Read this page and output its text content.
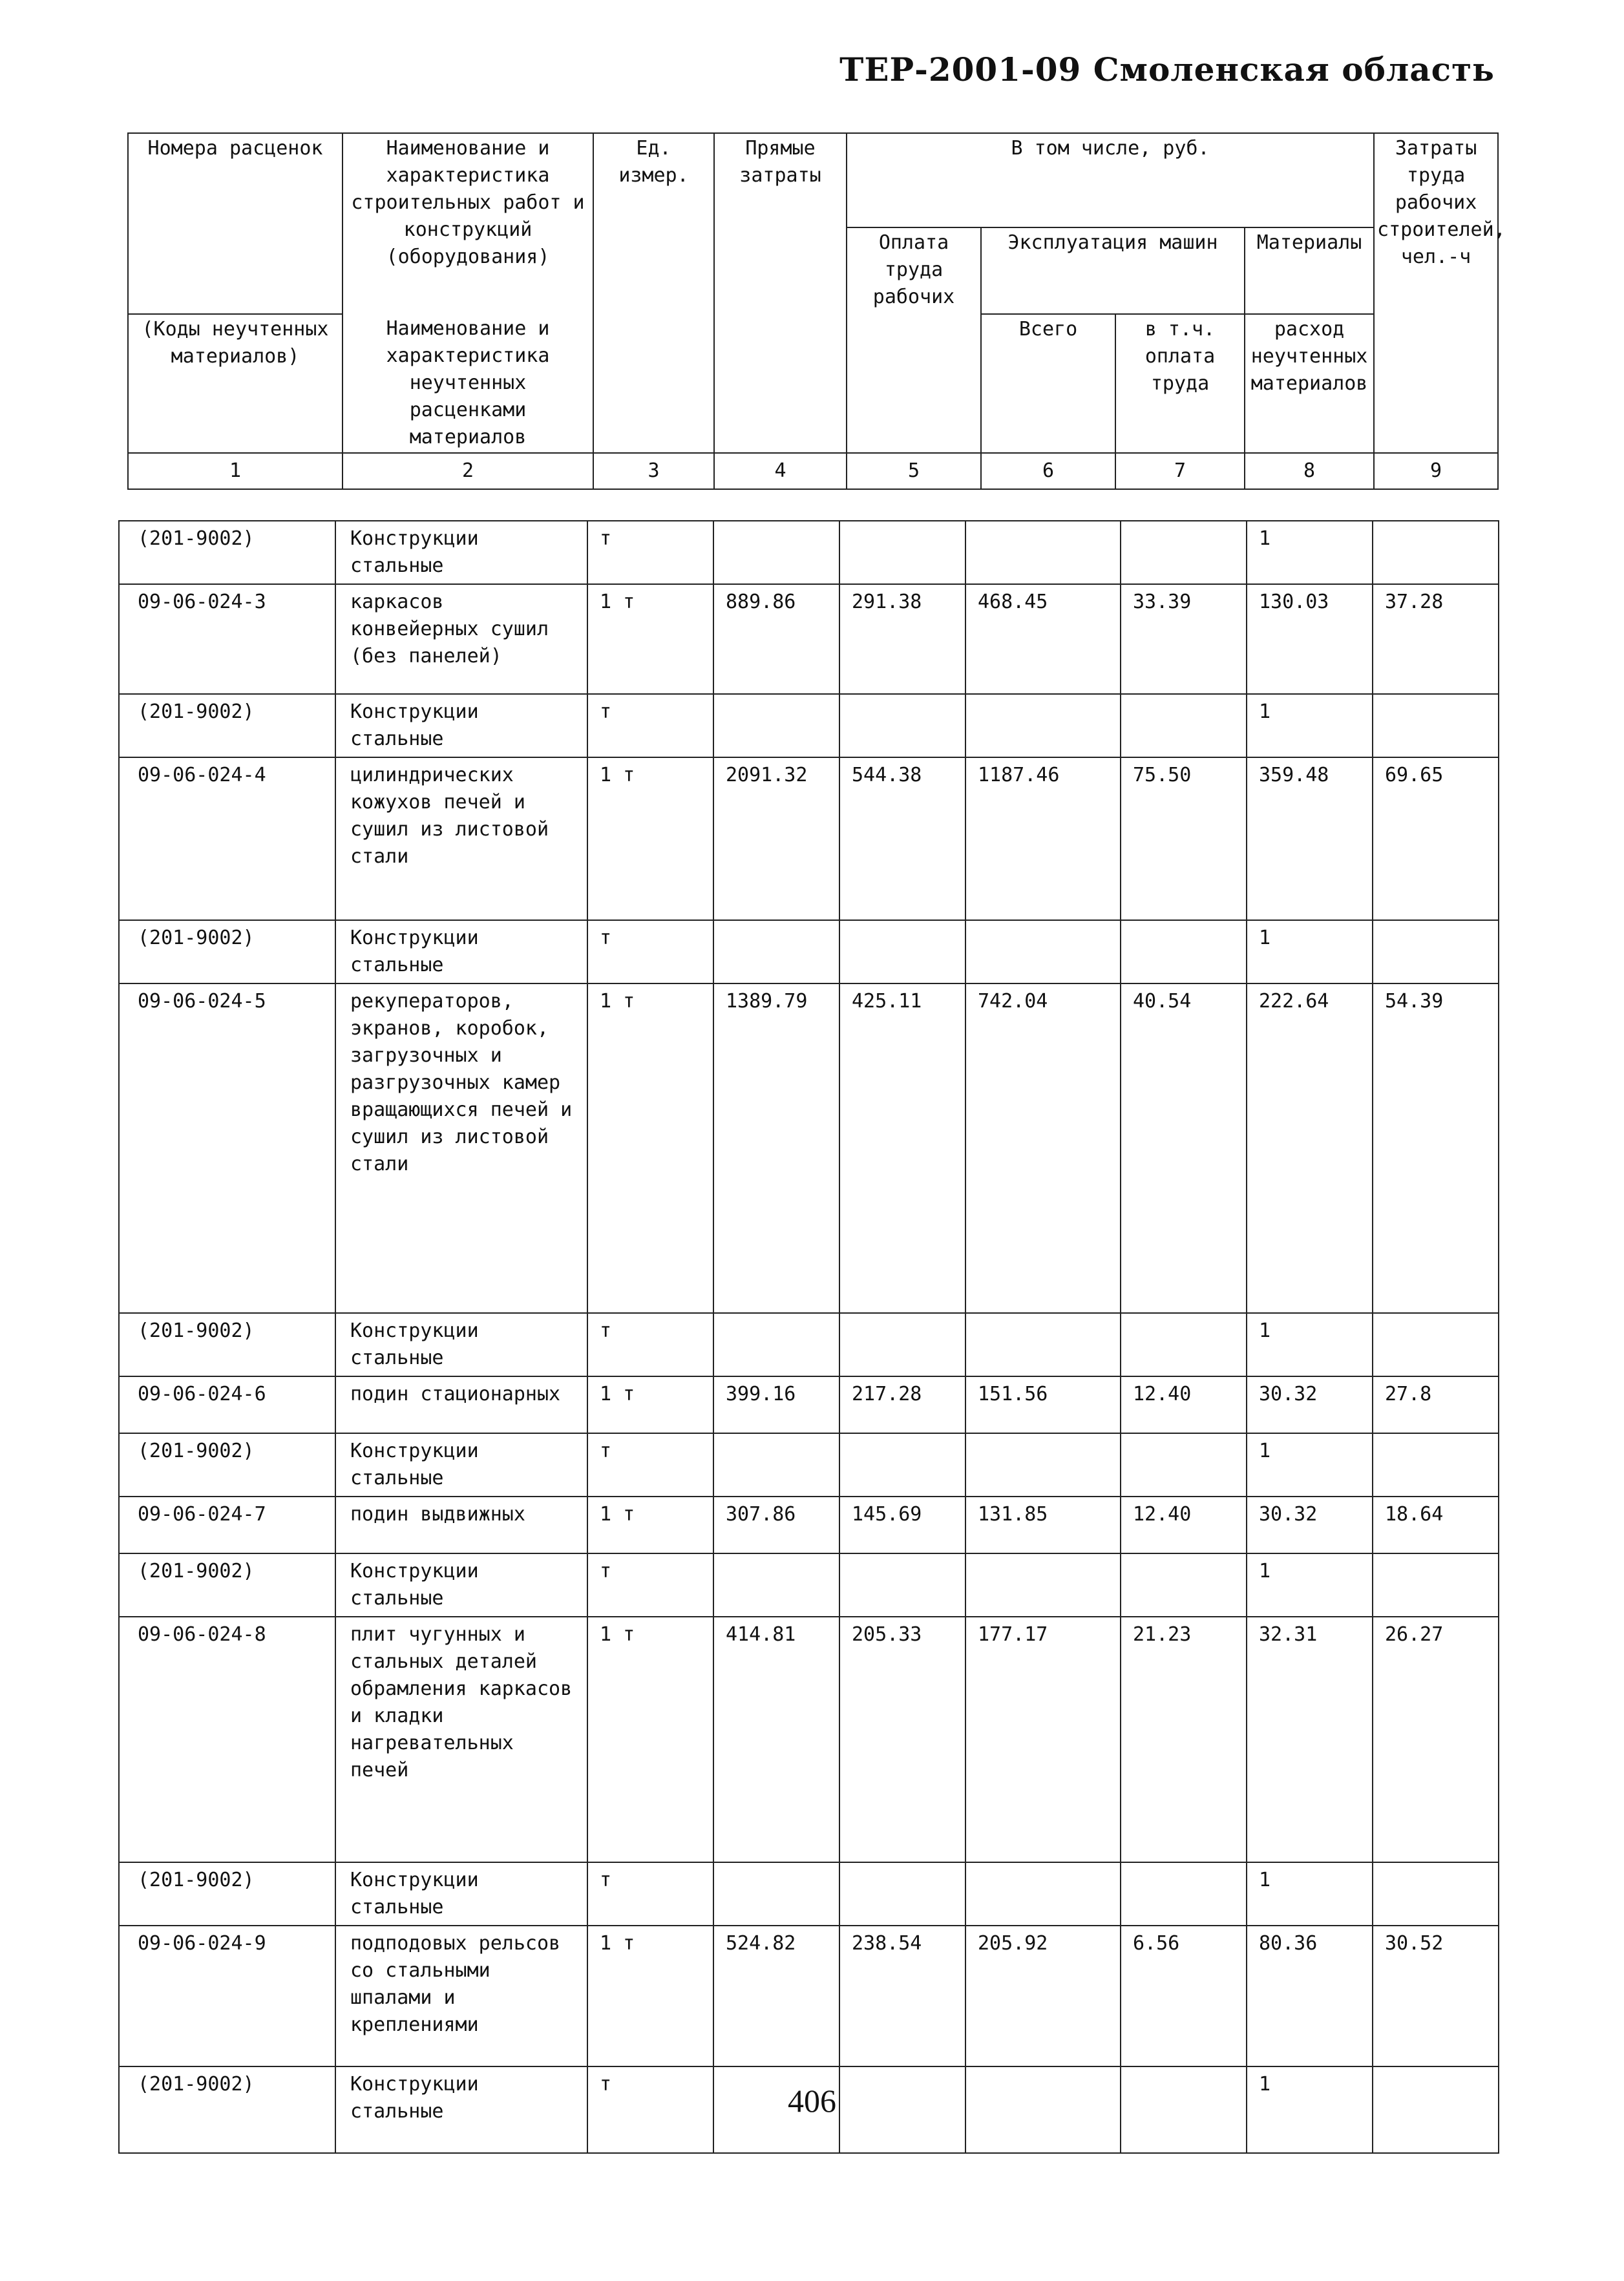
ТЕР-2001-09 Смоленская область
Номера расценок	Наименование и характеристика строительных работ и конструкций (оборудования)	Ед. измер.	Прямые затраты	В том числе, руб.				Затраты труда рабочих строителей, чел.-ч
				Оплата труда рабочих	Эксплуатация машин		Материалы	
(Коды неучтенных материалов)	Наименование и характеристика неучтенных расценками материалов				Всего	в т.ч. оплата труда	расход неучтенных материалов	

1	2	3	4	5	6	7	8	9
(201-9002)	Конструкции стальные	т					1	
09-06-024-3	каркасов конвейерных сушил (без панелей)	1 т	889.86	291.38	468.45	33.39	130.03	37.28
(201-9002)	Конструкции стальные	т					1	
09-06-024-4	цилиндрических кожухов печей и сушил из листовой стали	1 т	2091.32	544.38	1187.46	75.50	359.48	69.65
(201-9002)	Конструкции стальные	т					1	
09-06-024-5	рекуператоров, экранов, коробок, загрузочных и разгрузочных камер вращающихся печей и сушил из листовой стали	1 т	1389.79	425.11	742.04	40.54	222.64	54.39
(201-9002)	Конструкции стальные	т					1	
09-06-024-6	подин стационарных	1 т	399.16	217.28	151.56	12.40	30.32	27.8
(201-9002)	Конструкции стальные	т					1	
09-06-024-7	подин выдвижных	1 т	307.86	145.69	131.85	12.40	30.32	18.64
(201-9002)	Конструкции стальные	т					1	
09-06-024-8	плит чугунных и стальных деталей обрамления каркасов и кладки нагревательных печей	1 т	414.81	205.33	177.17	21.23	32.31	26.27
(201-9002)	Конструкции стальные	т					1	
09-06-024-9	подподовых рельсов со стальными шпалами и креплениями	1 т	524.82	238.54	205.92	6.56	80.36	30.52
(201-9002)	Конструкции стальные	т					1	
406
